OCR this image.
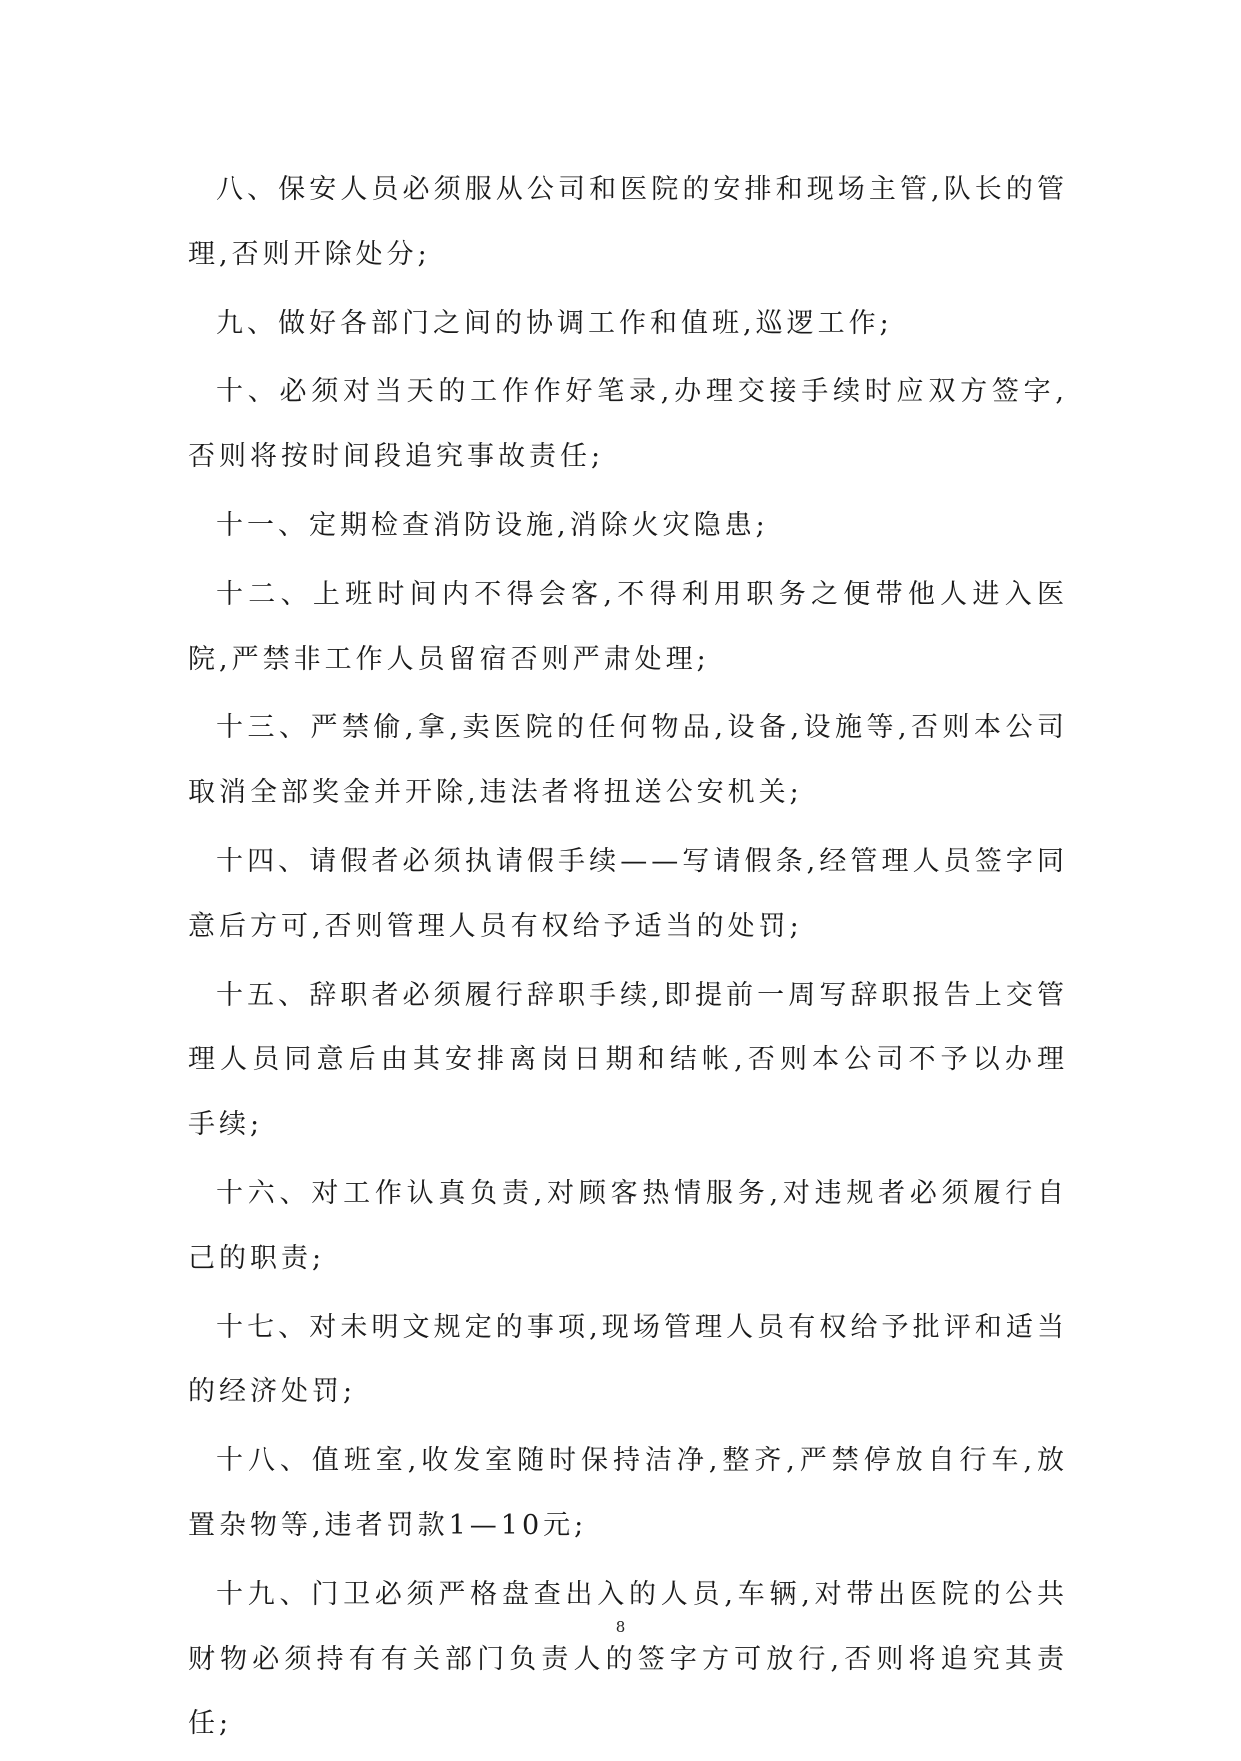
八、保安人员必须服从公司和医院的安排和现场主管,队长的管理,否则开除处分;

九、做好各部门之间的协调工作和值班,巡逻工作;

十、必须对当天的工作作好笔录,办理交接手续时应双方签字,否则将按时间段追究事故责任;

十一、定期检查消防设施,消除火灾隐患;

十二、上班时间内不得会客,不得利用职务之便带他人进入医院,严禁非工作人员留宿否则严肃处理;

十三、严禁偷,拿,卖医院的任何物品,设备,设施等,否则本公司取消全部奖金并开除,违法者将扭送公安机关;

十四、请假者必须执请假手续——写请假条,经管理人员签字同意后方可,否则管理人员有权给予适当的处罚;

十五、辞职者必须履行辞职手续,即提前一周写辞职报告上交管理人员同意后由其安排离岗日期和结帐,否则本公司不予以办理手续;

十六、对工作认真负责,对顾客热情服务,对违规者必须履行自己的职责;

十七、对未明文规定的事项,现场管理人员有权给予批评和适当的经济处罚;

十八、值班室,收发室随时保持洁净,整齐,严禁停放自行车,放置杂物等,违者罚款1—10元;

十九、门卫必须严格盘查出入的人员,车辆,对带出医院的公共财物必须持有有关部门负责人的签字方可放行,否则将追究其责任;

8
